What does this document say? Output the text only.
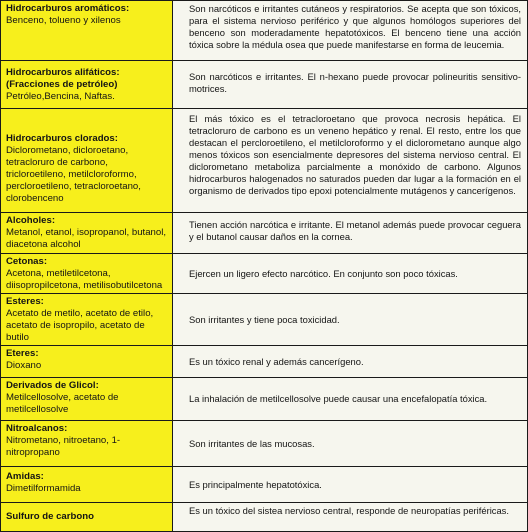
Hidrocarburos aromáticos:
Benceno, tolueno y xilenos
Son narcóticos e irritantes cutáneos y respiratorios. Se acepta que son tóxicos, para el sistema nervioso periférico y que algunos homólogos superiores del benceno son moderadamente hepatotóxicos. El benceno tiene una acción tóxica sobre la médula osea que puede manifestarse en forma de leucemia.
Hidrocarburos alifáticos: (Fracciones de petróleo)
Petróleo,Bencina, Naftas.
Son narcóticos e irritantes. El n-hexano puede provocar polineuritis sensitivo-motrices.
Hidrocarburos clorados:
Diclorometano, dicloroetano, tetracloruro de carbono, tricloroetileno, metilcloroformo, percloroetileno, tetracloroetano, clorobenceno
El más tóxico es el tetracloroetano que provoca necrosis hepática. El tetracloruro de carbono es un veneno hepático y renal. El resto, entre los que destacan el percloroetileno, el metilcloroformo y el diclorometano aunque algo menos tóxicos son esencialmente depresores del sistema nervioso central. El diclorometano metaboliza parcialmente a monóxido de carbono. Algunos hidrocarburos halogenados no saturados pueden dar lugar a la formación en el organismo de derivados tipo epoxi potencialmente mutágenos y cancerígenos.
Alcoholes:
Metanol, etanol, isopropanol, butanol, diacetona alcohol
Tienen acción narcótica e irritante. El metanol además puede provocar ceguera y el butanol causar daños en la cornea.
Cetonas:
Acetona, metiletilcetona, diisopropilcetona, metilisobutilcetona
Ejercen un ligero efecto narcótico. En conjunto son poco tóxicas.
Esteres:
Acetato de metilo, acetato de etilo, acetato de isopropilo, acetato de butilo
Son irritantes y tiene poca toxicidad.
Eteres:
Dioxano	Es un tóxico renal y además cancerígeno.
Derivados de Glicol:
Metilcellosolve, acetato de metilcellosolve
La inhalación de metilcellosolve puede causar una encefalopatía tóxica.
Nitroalcanos:
Nitrometano, nitroetano, 1-nitropropano
Son irritantes de las mucosas.
Amidas:
Dimetilformamida	Es principalmente hepatotóxica.
Sulfuro de carbono
Es un tóxico del sistea nervioso central, responde de neuropatías periféricas.
